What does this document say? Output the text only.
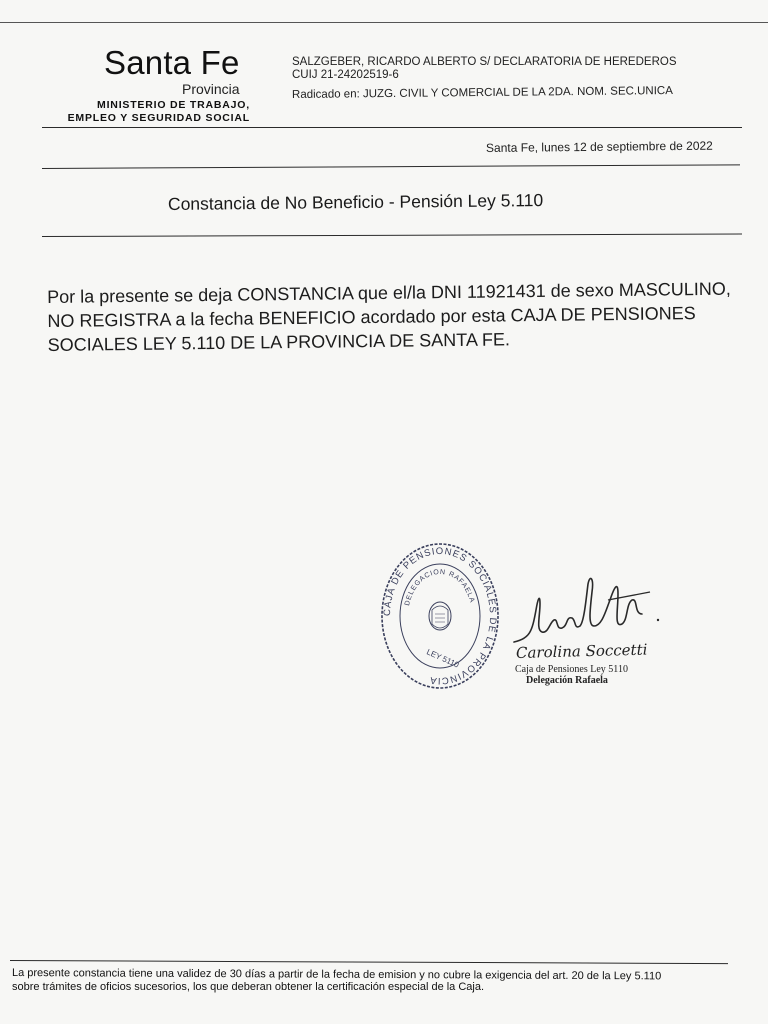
Santa Fe
Provincia
MINISTERIO DE TRABAJO,
EMPLEO Y SEGURIDAD SOCIAL
SALZGEBER, RICARDO ALBERTO S/ DECLARATORIA DE HEREDEROS
CUIJ 21-24202519-6
Radicado en: JUZG. CIVIL Y COMERCIAL DE LA 2DA. NOM. SEC.UNICA
Santa Fe, lunes 12 de septiembre de 2022
Constancia de No Beneficio - Pensión Ley 5.110
Por la presente se deja CONSTANCIA que el/la DNI 11921431 de sexo MASCULINO, NO REGISTRA a la fecha BENEFICIO acordado por esta CAJA DE PENSIONES SOCIALES LEY 5.110 DE LA PROVINCIA DE SANTA FE.
CAJA DE PENSIONES SOCIALES DE LA PROVINCIA
DELEGACION RAFAELA
LEY 5110	Carolina Soccetti
Caja de Pensiones Ley 5110
Delegación Rafaela
La presente constancia tiene una validez de 30 días a partir de la fecha de emision y no cubre la exigencia del art. 20 de la Ley 5.110
sobre trámites de oficios sucesorios, los que deberan obtener la certificación especial de la Caja.
